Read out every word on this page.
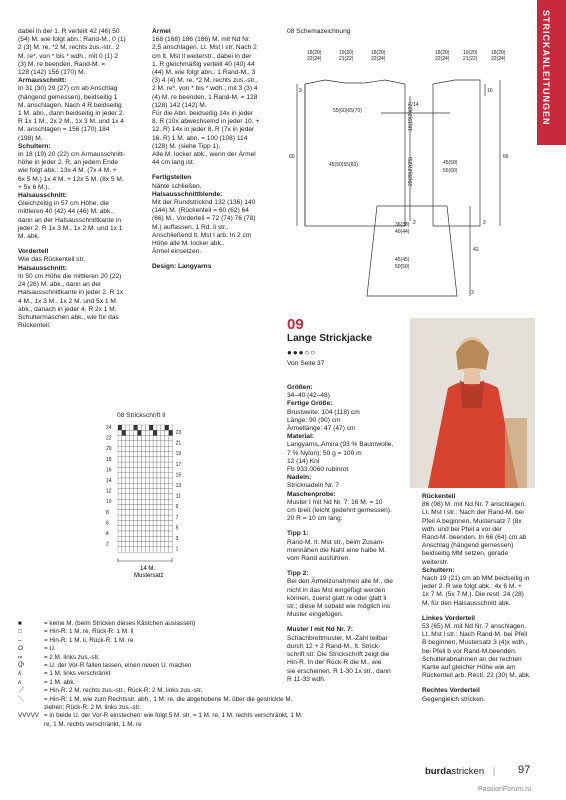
STRICKANLEITUNGEN

dabei in der 1. R verteilt 42 (46) 50

(54) M. wie folgt abn.: Rand-M., 0 (1)

2 (3) M. re, *2 M. rechts zus.-str., 2

M. re*, von * bis * wdh., mit 0 (1) 2

(3) M. re beenden, Rand-M. =

128 (142) 156 (170) M.

Armausschnitt:

In 31 (30) 29 (27) cm ab Anschlag

(hängend gemessen), beidseitig 1

M. anschlagen. Nach 4 R beidseitig

1 M. abn., dann beidseitig in jeder 2.

R 1x 1 M., 2x 2 M., 1x 3 M. und 1x 4

M. anschlagen = 156 (170) 184

(198) M.

Schultern:

In 18 (19) 20 (22) cm Armausschnitt-

höhe in jeder 2. R, an jedem Ende

wie folgt abk.: 13x 4 M. (7x 4 M. +

6x 5 M.) 1x 4 M. + 12x 5 M. (8x 5 M.

+ 5x 6 M.).

Halsausschnitt:

Gleichzeitig in 57 cm Höhe, die

mittleren 40 (42) 44 (46) M. abk.,

dann an der Halsausschnittkante in

jeder 2. R 1x 3 M., 1x 2 M. und 1x 1

M. abk.

Vorderteil

Wie das Rückenteil str.

Halsausschnitt:

In 50 cm Höhe die mittleren 20 (22)

24 (26) M. abk., dann an der

Halsausschnittkante in jeder 2. R 1x

4 M., 1x 3 M., 1x 2 M. und 5x 1 M.

abk., danach in jeder 4. R 2x 1 M.

Schultermaschen abk., wie für das

Rückenteil.

Ärmel

168 (168) 186 (186) M. mit Nd Nr.

2,5 anschlagen. Lt. Mst l str. Nach 2

cm lt. Mst ll weiterstr., dabei in der

1. R gleichmäßig verteilt 40 (40) 44

(44) M. wie folgt abn.: 1 Rand-M., 3

(3) 4 (4) M. re, *2 M. rechts zus.-str.,

2 M. re*, von * bis * wdh., mit 3 (3) 4

(4) M. re beenden, 1 Rand-M. = 128

(128) 142 (142) M.

Für die Abn. beidseitig 14x in jeder

8. R (10x abwechselnd in jeder 10. +

12. R) 14x in jeder 8. R (7x in jeder

16. R) 1 M. abn. = 100 (108) 114

(128) M. (siehe Tipp 1).

Alle M. locker abk., wenn der Ärmel

44 cm lang ist.

Fertigstellen

Nähte schließen.

Halsausschnittblende:

Mit der Rundstricknd 132 (136) 140

(144) M. (Rückenteil = 60 (62) 64

(66) M., Vorderteil = 72 (74) 76 (78)

M.) auffassen, 1 Rd. li str..

Anschließend lt. Mst l arb. In 2 cm

Höhe alle M. locker abk..

Ärmel einsetzen.

Design: Langyarns

Größen:

34–40 (42–48)

Fertige Größe:

Brustweite: 104 (118) cm

Länge: 90 (90) cm

Ärmellänge: 47 (47) cm

Material:

Langyarns, Amira (93 % Baumwolle,

7 % Nylon); 50 g = 100 m

12 (14) Knl

Fb 933.0060 rubinrot

Nadeln:

Stricknadeln Nr. 7

Maschenprobe:

Muster I mit Nd Nr. 7: 16 M. = 10

cm breit (leicht gedehnt gemessen).

20 R = 10 cm lang.

Tipp 1:

Rand-M. lt. Mst str., beim Zusam-

mennähen die Naht eine halbe M.

vom Rand ausführen.

Tipp 2:

Bei den Ärmelzunahmen alle M., die

nicht in das Mst eingefügt werden

können, zuerst glatt re oder glatt li

str.; diese M sobald wie möglich ins

Muster eingefügen.

Muster I mit Nd Nr. 7:

Schachbrettmuster, M.-Zahl teilbar

durch 12 + 2 Rand-M., lt. Strick-

schrift str. Die Strickschrift zeigt die

Hin-R. In der Rück-R die M., wie

sie erscheinen. R 1-30 1x str., dann

R 11-33 wdh.

Rückenteil

86 (98) M. mit Nd Nr. 7 anschlagen.

Lt. Mst l str.: Nach der Rand-M. bei

Pfeil A beginnen, Mustersatz 7 (8x

wdh. und bei Pfeil a vor der

Rand-M. beenden. In 66 (64) cm ab

Anschlag (hängend gemessen)

beidseitig MM setzen, gerade

weiterstr.

Schultern:

Nach 19 (21) cm ab MM beidseitig in

jeder 2. R wie folgt abk.: 4x 6 M. +

1x 7 M. (5x 7 M.). Die restl. 24 (28)

M. für den Halsausschnitt abk.

Linkes Vorderteil

53 (65) M. mit Nd Nr. 7 anschlagen.

Lt. Mst l str.: Nach Rand-M. bei Pfeil

B beginnen, Mustersatz 3 (4)x wdh.,

bei Pfeil b vor Rand-M.beenden.

Schulterabnahmen an der rechten

Kante auf gleicher Höhe wie am

Rückenteil arb. Restl. 22 (30) M. abk.

Rechtes Vorderteil

Gegengleich stricken.

08 Schemazeichnung
18(20)
22(24)
19(20)
21(22)
18(20)
22(24)
18(20)
22(24)
19(20)
21(22)
18(20)
22(24)
55(60)65(70)
45(50)55(60)
60
3
14
18(19)20(22)
29(28)27(25)
2
56
10
45(50)
55(60)
2
36(38)
40(44)
45(45)
50(50)
42
2
09
Lange Strickjacke
●●●○○
Von Seite 37
08 Strickschrift II
24
22
20
18
16
14
12
10
8
6
4
2
23
21
19
17
15
13
11
9
7
5
3
1
14 M.
Mustersatz
■	= keine M. (beim Stricken dieses Kästchen auslassen)
□	= Hin-R: 1 M. re, Rück-R: 1 M. li
–	= Hin-R: 1 M. li, Rück-R: 1 M. re
O	= U.
∞	= 2 M. links zus.-str.
Ⴇ	= U. der Vor-R fallen lassen, einen neuen U. machen
ʎ	= 1 M. links verschränkt
ʌ	= 1 M. abk.
／	= Hin-R: 2 M. rechts zus.-str., Rück-R: 2 M. links zus.-str.
＼	= Hin-R: 1 M. wie zum Rechtsstr. abh., 1 M. re, die abgehobene M. über die gestrickte M. ziehen; Rück-R: 2 M. links zus.-str.
VVVVV = in beide U. der Vor-R einstechen: wie folgt 5 M. str. = 1 M. re, 1 M. rechts verschränkt, 1 M. re, 1 M. rechts verschränkt, 1 M. re
burdastricken | 97
PassionForum.ru
